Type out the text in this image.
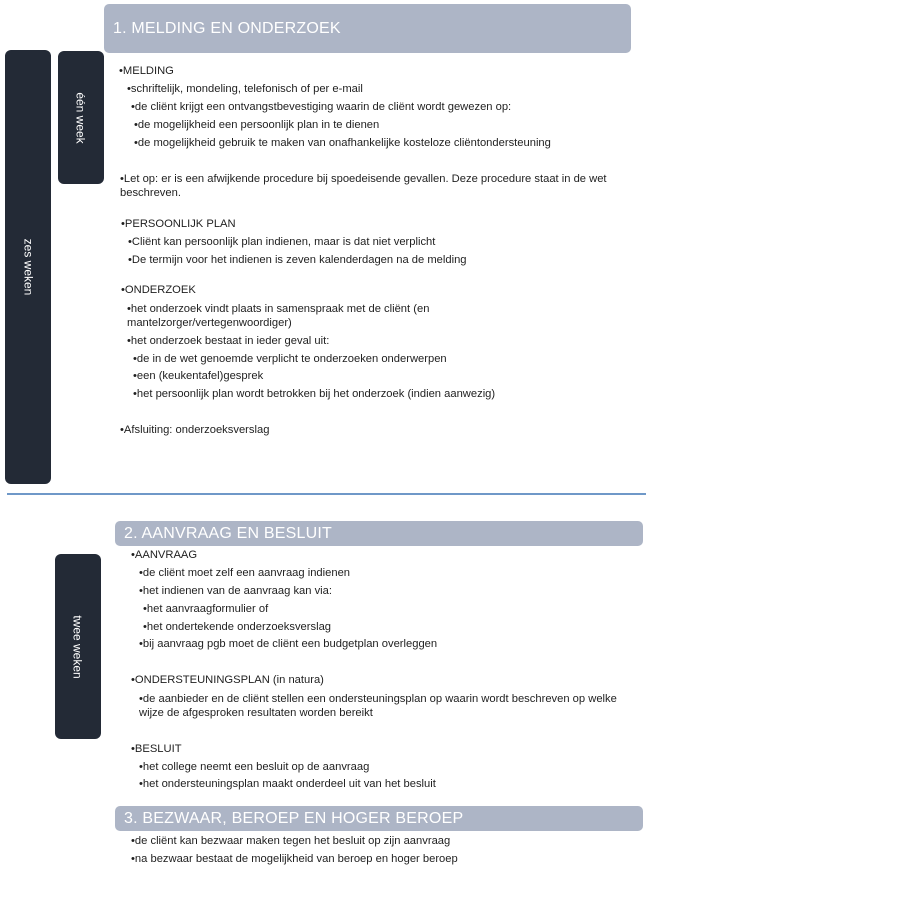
1. MELDING EN ONDERZOEK
zes weken
één week
•MELDING
•schriftelijk, mondeling, telefonisch of per e-mail
•de cliënt krijgt een ontvangstbevestiging waarin de cliënt wordt gewezen op:
•de mogelijkheid een persoonlijk plan in te dienen
•de mogelijkheid gebruik te maken van onafhankelijke kosteloze cliëntondersteuning
•Let op: er is een afwijkende procedure bij spoedeisende gevallen. Deze procedure staat in de wet beschreven.
•PERSOONLIJK PLAN
•Cliënt kan persoonlijk plan indienen, maar is dat niet verplicht
•De termijn voor het indienen is zeven kalenderdagen na de melding
•ONDERZOEK
•het onderzoek vindt plaats in samenspraak met de cliënt (en mantelzorger/vertegenwoordiger)
•het onderzoek bestaat in ieder geval uit:
•de in de wet genoemde verplicht te onderzoeken onderwerpen
•een (keukentafel)gesprek
•het persoonlijk plan wordt betrokken bij het onderzoek (indien aanwezig)
•Afsluiting: onderzoeksverslag
2. AANVRAAG EN BESLUIT
twee weken
•AANVRAAG
•de cliënt moet zelf een aanvraag indienen
•het indienen van de aanvraag kan via:
•het aanvraagformulier of
•het ondertekende onderzoeksverslag
•bij aanvraag pgb moet de cliënt een budgetplan overleggen
•ONDERSTEUNINGSPLAN (in natura)
•de aanbieder en de cliënt stellen een ondersteuningsplan op waarin wordt beschreven op welke wijze de afgesproken resultaten worden bereikt
•BESLUIT
•het college neemt een besluit op de aanvraag
•het ondersteuningsplan maakt onderdeel uit van het besluit
3. BEZWAAR, BEROEP EN HOGER BEROEP
•de cliënt kan bezwaar maken tegen het besluit op zijn aanvraag
•na bezwaar bestaat de mogelijkheid van beroep en hoger beroep
